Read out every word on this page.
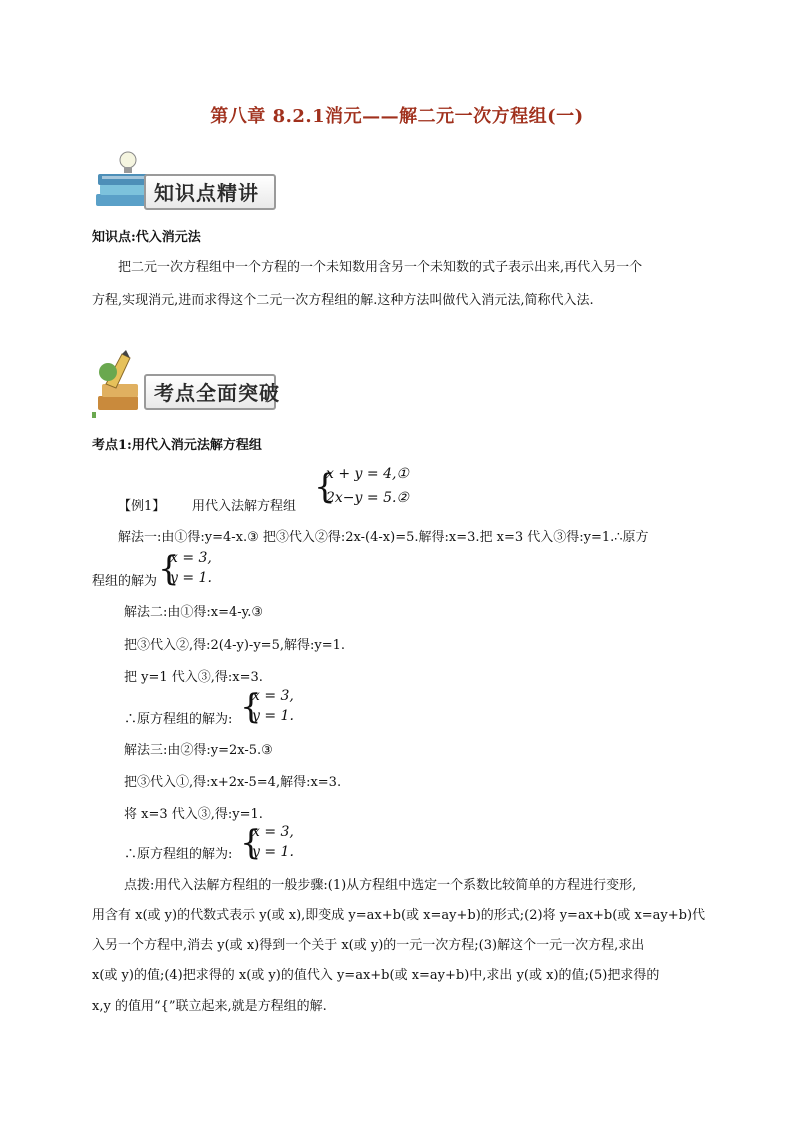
第八章 8.2.1消元——解二元一次方程组(一)
知识点精讲
知识点:代入消元法
把二元一次方程组中一个方程的一个未知数用含另一个未知数的式子表示出来,再代入另一个
方程,实现消元,进而求得这个二元一次方程组的解.这种方法叫做代入消元法,简称代入法.
考点全面突破
考点1:用代入消元法解方程组
【例1】 用代入法解方程组 {
x + y = 4,①
2x−y = 5.②
解法一:由①得:y=4-x.③ 把③代入②得:2x-(4-x)=5.解得:x=3.把 x=3 代入③得:y=1.∴原方
程组的解为 {
x = 3,
y = 1.
解法二:由①得:x=4-y.③
把③代入②,得:2(4-y)-y=5,解得:y=1.
把 y=1 代入③,得:x=3.
∴原方程组的解为: {
x = 3,
y = 1.
解法三:由②得:y=2x-5.③
把③代入①,得:x+2x-5=4,解得:x=3.
将 x=3 代入③,得:y=1.
∴原方程组的解为: {
x = 3,
y = 1.
点拨:用代入法解方程组的一般步骤:(1)从方程组中选定一个系数比较简单的方程进行变形,
用含有 x(或 y)的代数式表示 y(或 x),即变成 y=ax+b(或 x=ay+b)的形式;(2)将 y=ax+b(或 x=ay+b)代
入另一个方程中,消去 y(或 x)得到一个关于 x(或 y)的一元一次方程;(3)解这个一元一次方程,求出
x(或 y)的值;(4)把求得的 x(或 y)的值代入 y=ax+b(或 x=ay+b)中,求出 y(或 x)的值;(5)把求得的
x,y 的值用“{”联立起来,就是方程组的解.
